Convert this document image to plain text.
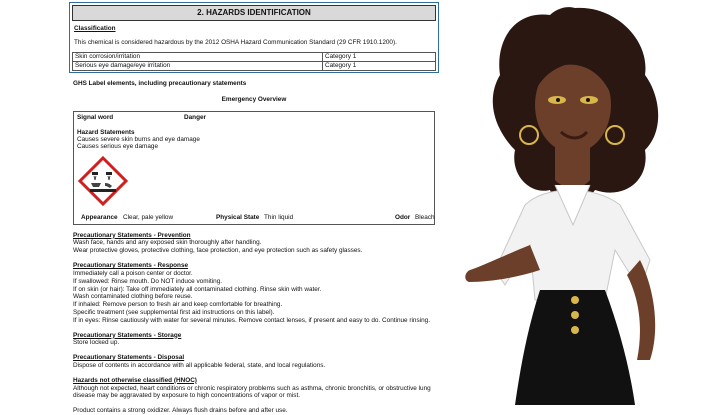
2. HAZARDS IDENTIFICATION
Classification
This chemical is considered hazardous by the 2012 OSHA Hazard Communication Standard (29 CFR 1910.1200).
Skin corrosion/irritation	Category 1
Serious eye damage/eye irritation	Category 1
GHS Label elements, including precautionary statements
Emergency Overview
Signal word	Danger
Hazard Statements
Causes severe skin burns and eye damage
Causes serious eye damage
Appearance Clear, pale yellow	Physical State Thin liquid	Odor Bleach
Precautionary Statements - Prevention
Wash face, hands and any exposed skin thoroughly after handling.
Wear protective gloves, protective clothing, face protection, and eye protection such as safety glasses.
Precautionary Statements - Response
Immediately call a poison center or doctor.
If swallowed: Rinse mouth. Do NOT induce vomiting.
If on skin (or hair): Take off immediately all contaminated clothing. Rinse skin with water.
Wash contaminated clothing before reuse.
If inhaled: Remove person to fresh air and keep comfortable for breathing.
Specific treatment (see supplemental first aid instructions on this label).
If in eyes: Rinse cautiously with water for several minutes. Remove contact lenses, if present and easy to do. Continue rinsing.
Precautionary Statements - Storage
Store locked up.
Precautionary Statements - Disposal
Dispose of contents in accordance with all applicable federal, state, and local regulations.
Hazards not otherwise classified (HNOC)
Although not expected, heart conditions or chronic respiratory problems such as asthma, chronic bronchitis, or obstructive lung
disease may be aggravated by exposure to high concentrations of vapor or mist.
Product contains a strong oxidizer. Always flush drains before and after use.
